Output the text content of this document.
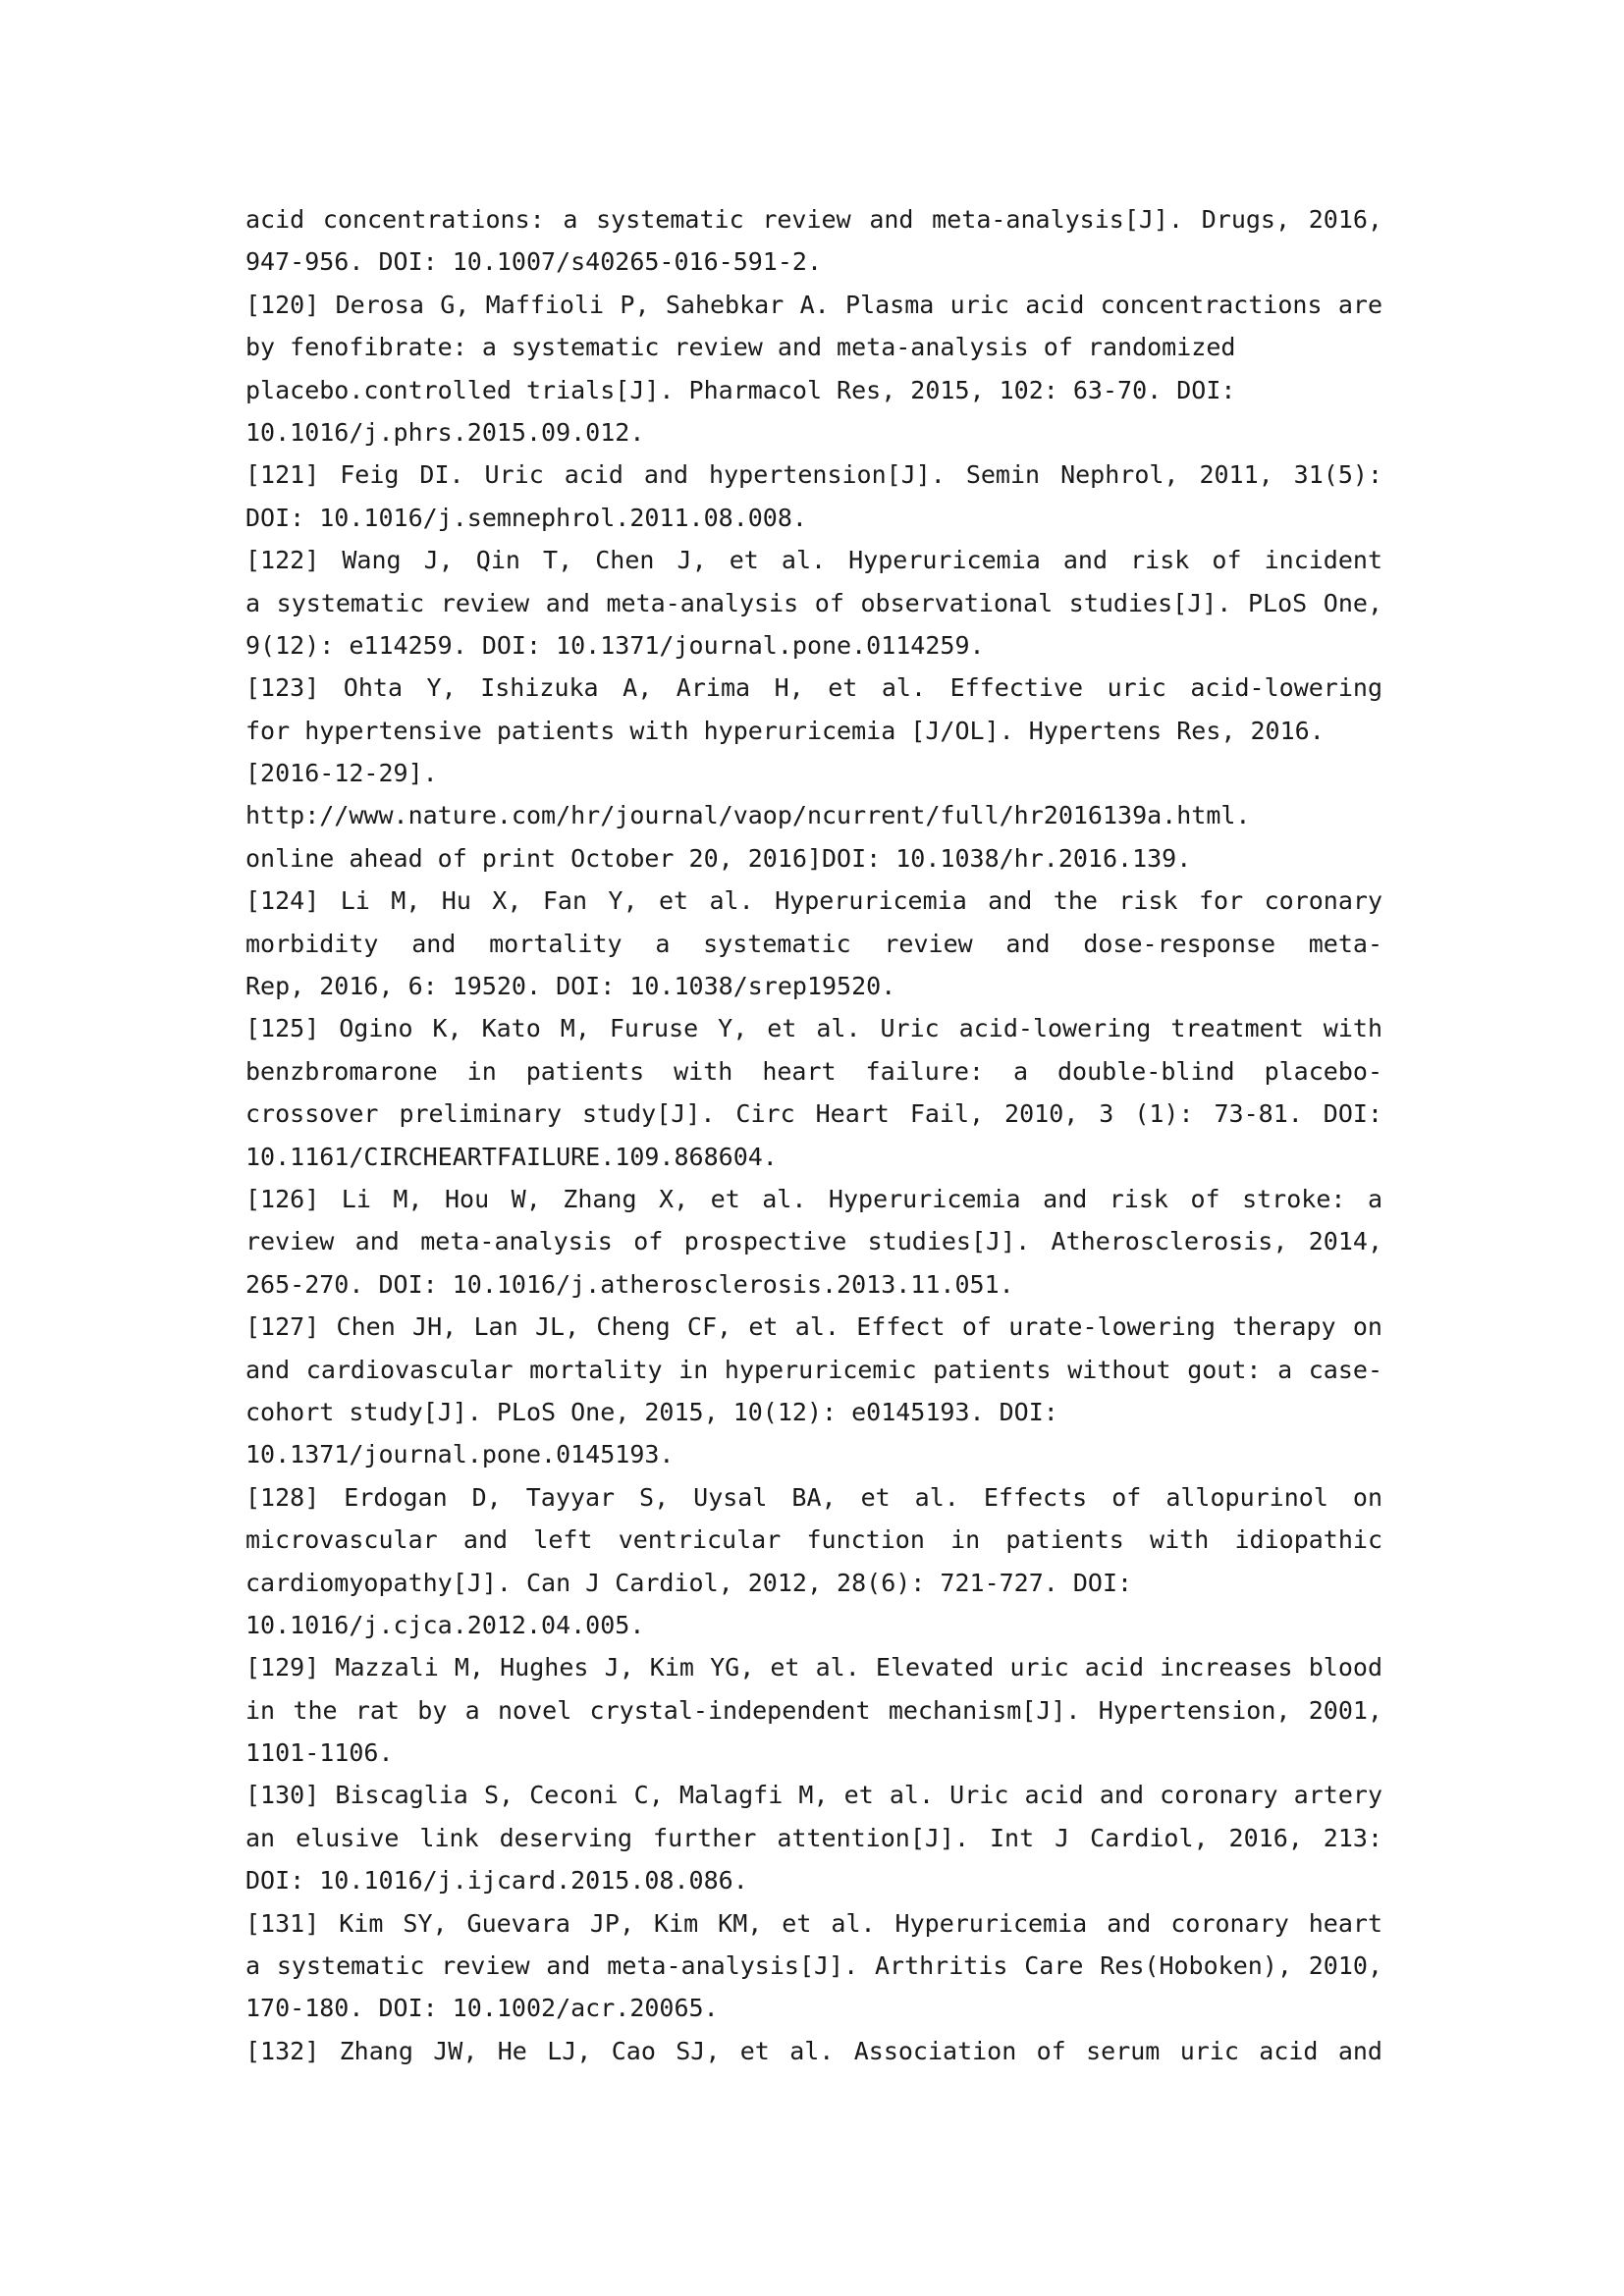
acid concentrations: a systematic review and meta-analysis[J]. Drugs, 2016,
947-956. DOI: 10.1007/s40265-016-591-2.
[120] Derosa G, Maffioli P, Sahebkar A. Plasma uric acid concentractions are
by fenofibrate: a systematic review and meta-analysis of randomized
placebo.controlled trials[J]. Pharmacol Res, 2015, 102: 63-70. DOI:
10.1016/j.phrs.2015.09.012.
[121] Feig DI. Uric acid and hypertension[J]. Semin Nephrol, 2011, 31(5):
DOI: 10.1016/j.semnephrol.2011.08.008.
[122] Wang J, Qin T, Chen J, et al. Hyperuricemia and risk of incident
a systematic review and meta-analysis of observational studies[J]. PLoS One,
9(12): e114259. DOI: 10.1371/journal.pone.0114259.
[123] Ohta Y, Ishizuka A, Arima H, et al. Effective uric acid-lowering
for hypertensive patients with hyperuricemia [J/OL]. Hypertens Res, 2016.
[2016-12-29].
http://www.nature.com/hr/journal/vaop/ncurrent/full/hr2016139a.html.
online ahead of print October 20, 2016]DOI: 10.1038/hr.2016.139.
[124] Li M, Hu X, Fan Y, et al. Hyperuricemia and the risk for coronary
morbidity and mortality a systematic review and dose-response meta-
Rep, 2016, 6: 19520. DOI: 10.1038/srep19520.
[125] Ogino K, Kato M, Furuse Y, et al. Uric acid-lowering treatment with
benzbromarone in patients with heart failure: a double-blind placebo-
crossover preliminary study[J]. Circ Heart Fail, 2010, 3 (1): 73-81. DOI:
10.1161/CIRCHEARTFAILURE.109.868604.
[126] Li M, Hou W, Zhang X, et al. Hyperuricemia and risk of stroke: a
review and meta-analysis of prospective studies[J]. Atherosclerosis, 2014,
265-270. DOI: 10.1016/j.atherosclerosis.2013.11.051.
[127] Chen JH, Lan JL, Cheng CF, et al. Effect of urate-lowering therapy on
and cardiovascular mortality in hyperuricemic patients without gout: a case-
cohort study[J]. PLoS One, 2015, 10(12): e0145193. DOI:
10.1371/journal.pone.0145193.
[128] Erdogan D, Tayyar S, Uysal BA, et al. Effects of allopurinol on
microvascular and left ventricular function in patients with idiopathic
cardiomyopathy[J]. Can J Cardiol, 2012, 28(6): 721-727. DOI:
10.1016/j.cjca.2012.04.005.
[129] Mazzali M, Hughes J, Kim YG, et al. Elevated uric acid increases blood
in the rat by a novel crystal-independent mechanism[J]. Hypertension, 2001,
1101-1106.
[130] Biscaglia S, Ceconi C, Malagfi M, et al. Uric acid and coronary artery
an elusive link deserving further attention[J]. Int J Cardiol, 2016, 213:
DOI: 10.1016/j.ijcard.2015.08.086.
[131] Kim SY, Guevara JP, Kim KM, et al. Hyperuricemia and coronary heart
a systematic review and meta-analysis[J]. Arthritis Care Res(Hoboken), 2010,
170-180. DOI: 10.1002/acr.20065.
[132] Zhang JW, He LJ, Cao SJ, et al. Association of serum uric acid and
